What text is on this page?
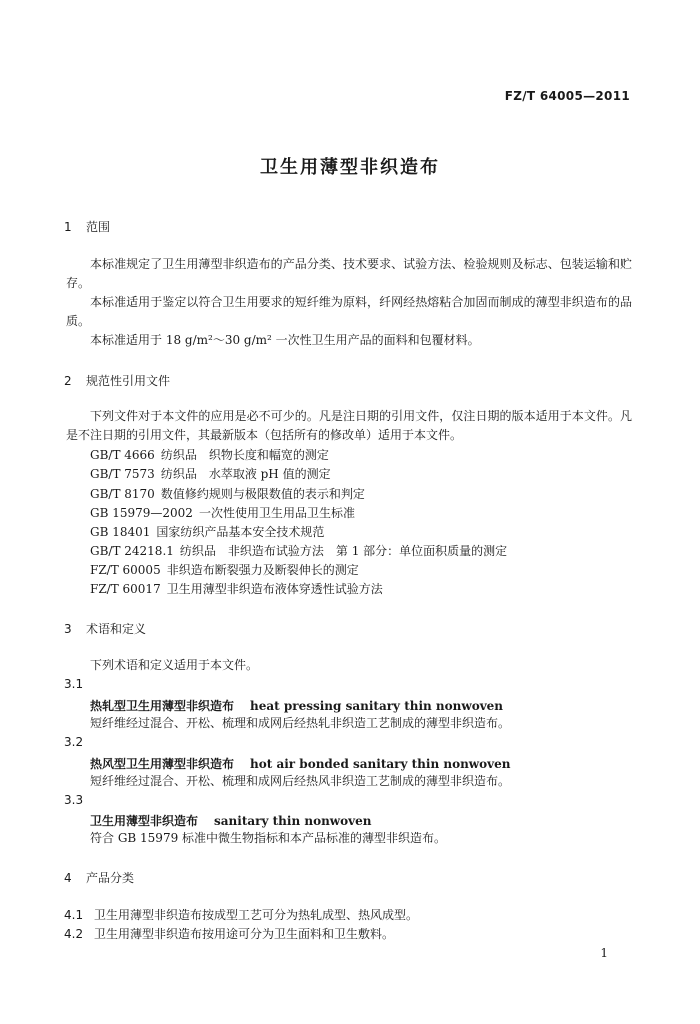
FZ/T 64005—2011
卫生用薄型非织造布
1 范围
本标准规定了卫生用薄型非织造布的产品分类、技术要求、试验方法、检验规则及标志、包装运输和贮存。
本标准适用于鉴定以符合卫生用要求的短纤维为原料，纤网经热熔粘合加固而制成的薄型非织造布的品质。
本标准适用于 18 g/m²～30 g/m² 一次性卫生用产品的面料和包覆材料。
2 规范性引用文件
下列文件对于本文件的应用是必不可少的。凡是注日期的引用文件，仅注日期的版本适用于本文件。凡是不注日期的引用文件，其最新版本（包括所有的修改单）适用于本文件。
GB/T 4666 纺织品　织物长度和幅宽的测定
GB/T 7573 纺织品　水萃取液 pH 值的测定
GB/T 8170 数值修约规则与极限数值的表示和判定
GB 15979—2002 一次性使用卫生用品卫生标准
GB 18401 国家纺织产品基本安全技术规范
GB/T 24218.1 纺织品　非织造布试验方法　第 1 部分：单位面积质量的测定
FZ/T 60005 非织造布断裂强力及断裂伸长的测定
FZ/T 60017 卫生用薄型非织造布液体穿透性试验方法
3 术语和定义
下列术语和定义适用于本文件。
3.1
热轧型卫生用薄型非织造布 heat pressing sanitary thin nonwoven
短纤维经过混合、开松、梳理和成网后经热轧非织造工艺制成的薄型非织造布。
3.2
热风型卫生用薄型非织造布 hot air bonded sanitary thin nonwoven
短纤维经过混合、开松、梳理和成网后经热风非织造工艺制成的薄型非织造布。
3.3
卫生用薄型非织造布 sanitary thin nonwoven
符合 GB 15979 标准中微生物指标和本产品标准的薄型非织造布。
4 产品分类
4.1 卫生用薄型非织造布按成型工艺可分为热轧成型、热风成型。
4.2 卫生用薄型非织造布按用途可分为卫生面料和卫生敷料。
1
